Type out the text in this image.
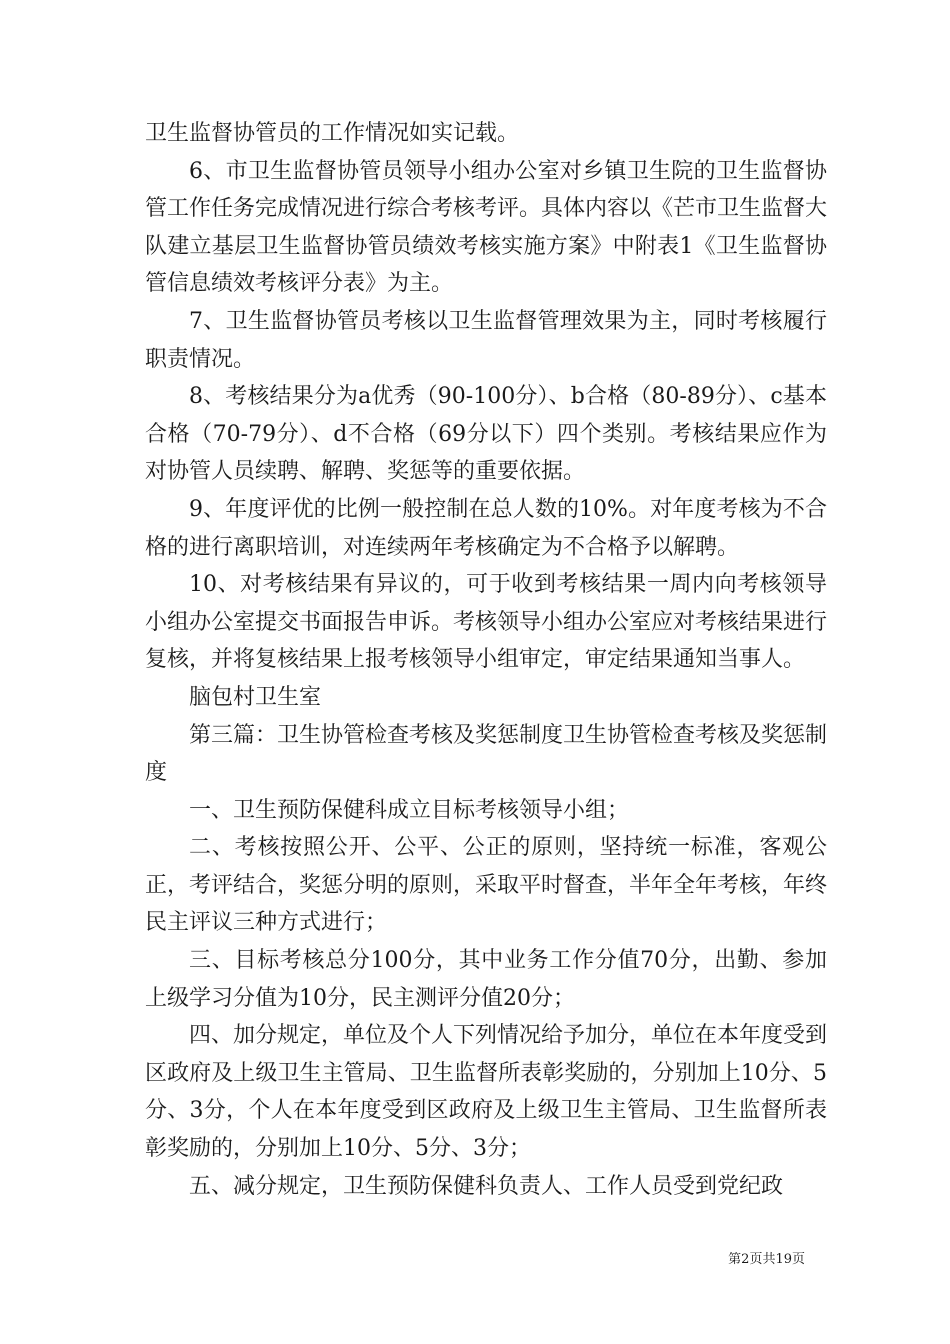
卫生监督协管员的工作情况如实记载。

6、市卫生监督协管员领导小组办公室对乡镇卫生院的卫生监督协管工作任务完成情况进行综合考核考评。具体内容以《芒市卫生监督大队建立基层卫生监督协管员绩效考核实施方案》中附表1《卫生监督协管信息绩效考核评分表》为主。

7、卫生监督协管员考核以卫生监督管理效果为主，同时考核履行职责情况。

8、考核结果分为a优秀（90-100分）、b合格（80-89分）、c基本合格（70-79分）、d不合格（69分以下）四个类别。考核结果应作为对协管人员续聘、解聘、奖惩等的重要依据。

9、年度评优的比例一般控制在总人数的10%。对年度考核为不合格的进行离职培训，对连续两年考核确定为不合格予以解聘。

10、对考核结果有异议的，可于收到考核结果一周内向考核领导小组办公室提交书面报告申诉。考核领导小组办公室应对考核结果进行复核，并将复核结果上报考核领导小组审定，审定结果通知当事人。

脑包村卫生室

第三篇：卫生协管检查考核及奖惩制度卫生协管检查考核及奖惩制度

一、卫生预防保健科成立目标考核领导小组；

二、考核按照公开、公平、公正的原则，坚持统一标准，客观公正，考评结合，奖惩分明的原则，采取平时督查，半年全年考核，年终民主评议三种方式进行；

三、目标考核总分100分，其中业务工作分值70分，出勤、参加上级学习分值为10分，民主测评分值20分；

四、加分规定，单位及个人下列情况给予加分，单位在本年度受到区政府及上级卫生主管局、卫生监督所表彰奖励的，分别加上10分、5分、3分，个人在本年度受到区政府及上级卫生主管局、卫生监督所表彰奖励的，分别加上10分、5分、3分；

五、减分规定，卫生预防保健科负责人、工作人员受到党纪政

第2页共19页
